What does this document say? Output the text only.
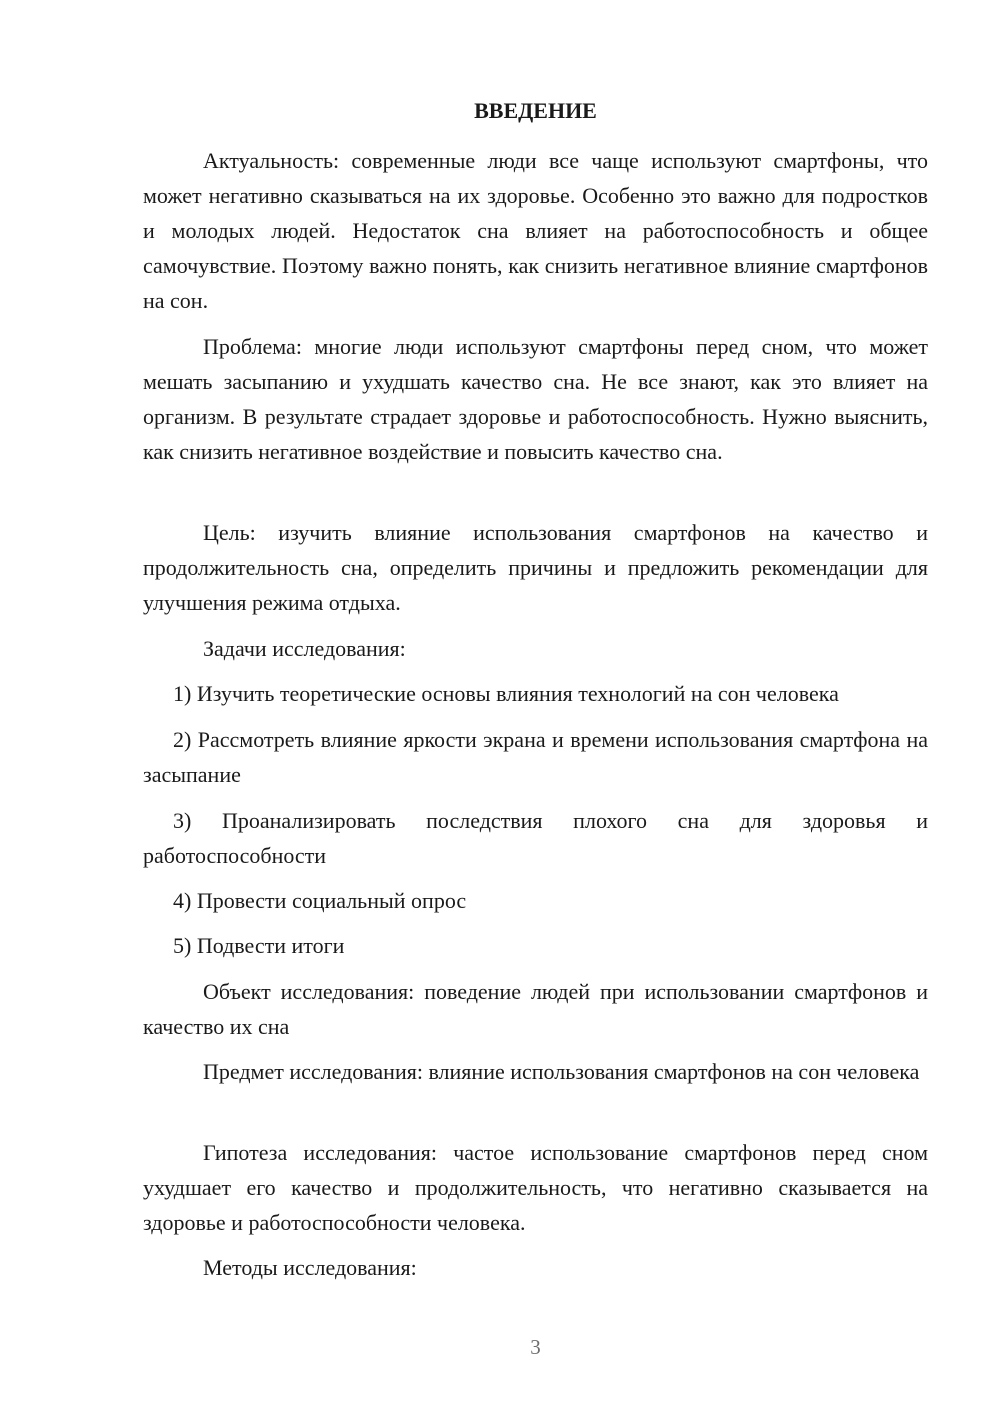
ВВЕДЕНИЕ

Актуальность: современные люди все чаще используют смартфоны, что может негативно сказываться на их здоровье. Особенно это важно для подростков и молодых людей. Недостаток сна влияет на работоспособность и общее самочувствие. Поэтому важно понять, как снизить негативное влияние смартфонов на сон.

Проблема: многие люди используют смартфоны перед сном, что может мешать засыпанию и ухудшать качество сна. Не все знают, как это влияет на организм. В результате страдает здоровье и работоспособность. Нужно выяснить, как снизить негативное воздействие и повысить качество сна.

Цель: изучить влияние использования смартфонов на качество и продолжительность сна, определить причины и предложить рекомендации для улучшения режима отдыха.

Задачи исследования:

1) Изучить теоретические основы влияния технологий на сон человека

2) Рассмотреть влияние яркости экрана и времени использования смартфона на засыпание

3) Проанализировать последствия плохого сна для здоровья и работоспособности

4) Провести социальный опрос

5) Подвести итоги

Объект исследования: поведение людей при использовании смартфонов и качество их сна

Предмет исследования: влияние использования смартфонов на сон человека

Гипотеза исследования: частое использование смартфонов перед сном ухудшает его качество и продолжительность, что негативно сказывается на здоровье и работоспособности человека.

Методы исследования:

3
